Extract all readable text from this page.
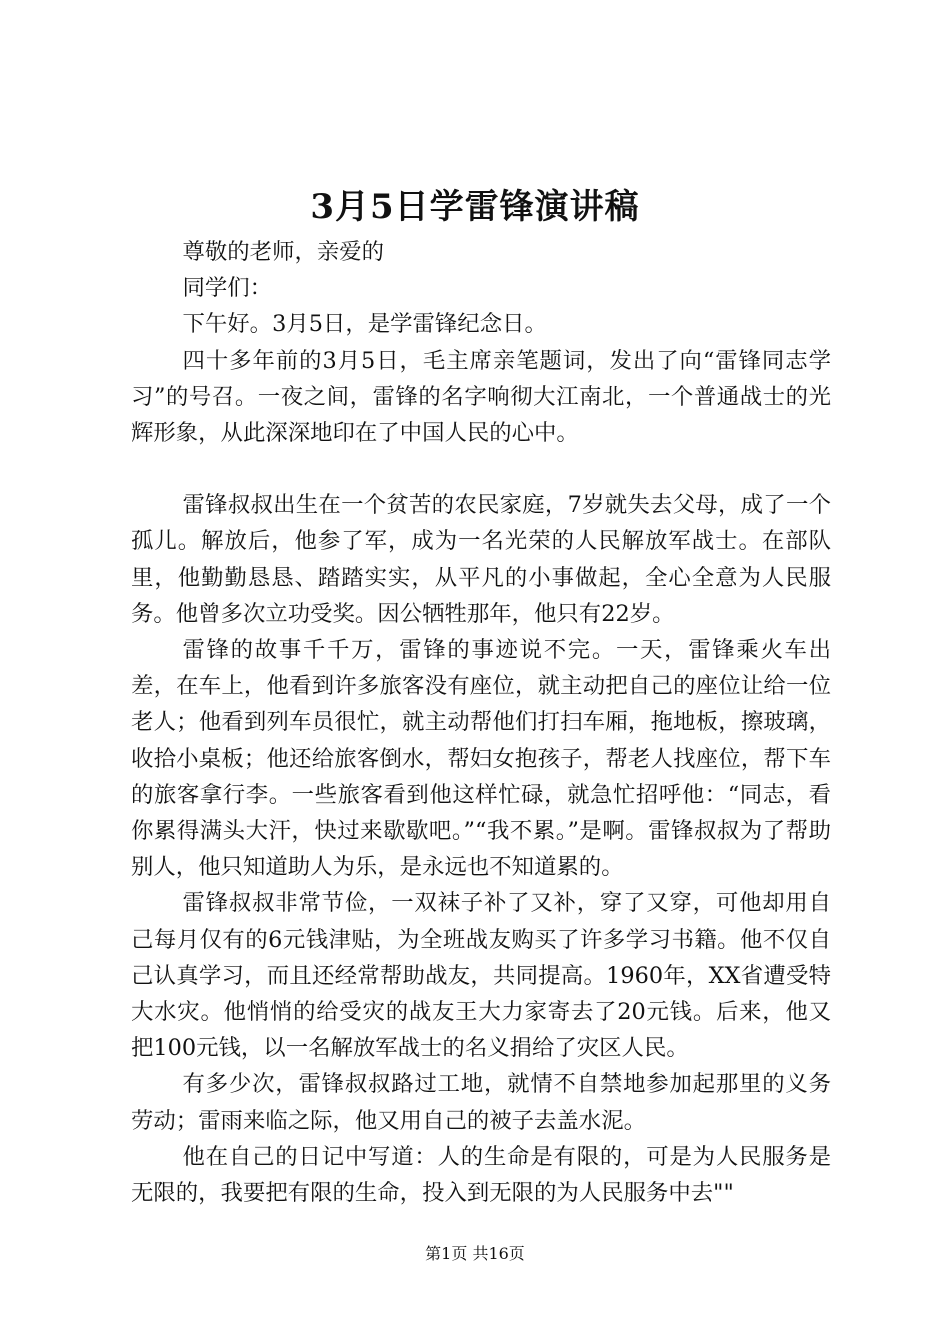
3月5日学雷锋演讲稿

尊敬的老师，亲爱的

同学们：

下午好。3月5日，是学雷锋纪念日。

四十多年前的3月5日，毛主席亲笔题词，发出了向“雷锋同志学习”的号召。一夜之间，雷锋的名字响彻大江南北，一个普通战士的光辉形象，从此深深地印在了中国人民的心中。

雷锋叔叔出生在一个贫苦的农民家庭，7岁就失去父母，成了一个孤儿。解放后，他参了军，成为一名光荣的人民解放军战士。在部队里，他勤勤恳恳、踏踏实实，从平凡的小事做起，全心全意为人民服务。他曾多次立功受奖。因公牺牲那年，他只有22岁。

雷锋的故事千千万，雷锋的事迹说不完。一天，雷锋乘火车出差，在车上，他看到许多旅客没有座位，就主动把自己的座位让给一位老人；他看到列车员很忙，就主动帮他们打扫车厢，拖地板，擦玻璃，收拾小桌板；他还给旅客倒水，帮妇女抱孩子，帮老人找座位，帮下车的旅客拿行李。一些旅客看到他这样忙碌，就急忙招呼他：“同志，看你累得满头大汗，快过来歇歇吧。”“我不累。”是啊。雷锋叔叔为了帮助别人，他只知道助人为乐，是永远也不知道累的。

雷锋叔叔非常节俭，一双袜子补了又补，穿了又穿，可他却用自己每月仅有的6元钱津贴，为全班战友购买了许多学习书籍。他不仅自己认真学习，而且还经常帮助战友，共同提高。1960年，XX省遭受特大水灾。他悄悄的给受灾的战友王大力家寄去了20元钱。后来，他又把100元钱，以一名解放军战士的名义捐给了灾区人民。

有多少次，雷锋叔叔路过工地，就情不自禁地参加起那里的义务劳动；雷雨来临之际，他又用自己的被子去盖水泥。

他在自己的日记中写道：人的生命是有限的，可是为人民服务是无限的，我要把有限的生命，投入到无限的为人民服务中去""

第1页 共16页
